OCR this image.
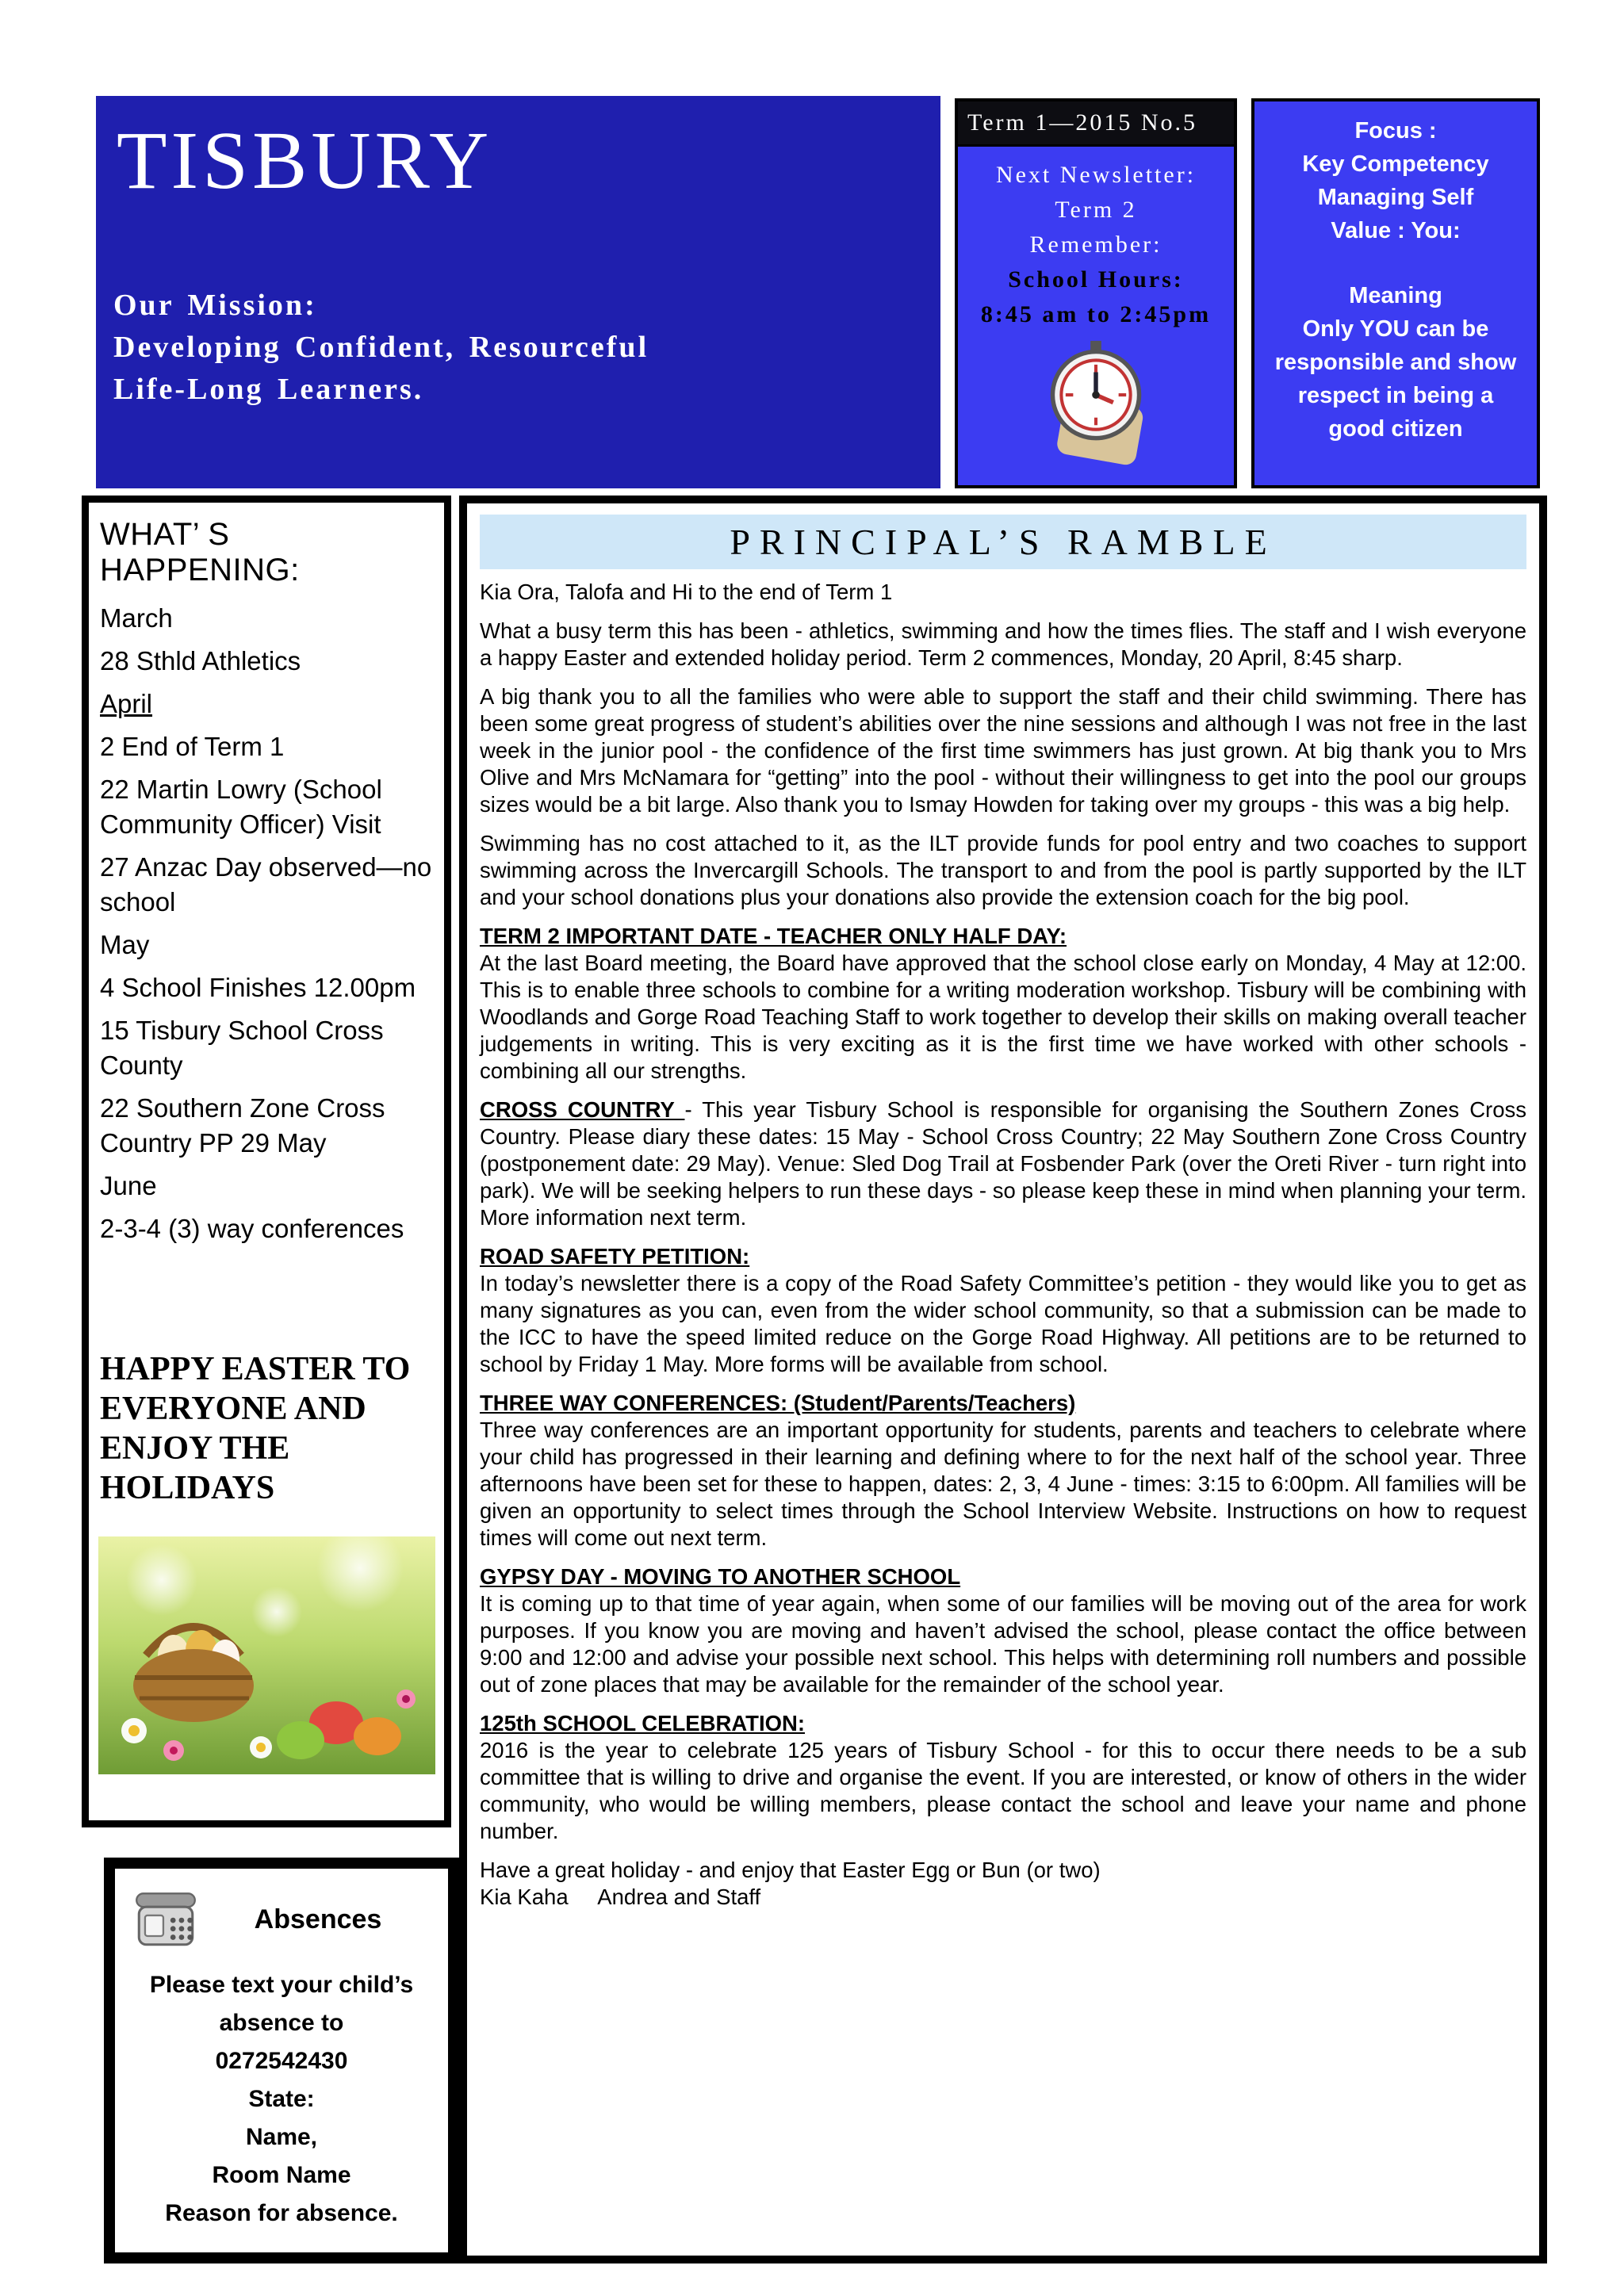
TISBURY
Our Mission:
Developing Confident, Resourceful
Life-Long Learners.
Term 1—2015 No.5
Next Newsletter:
Term 2
Remember:
School Hours:
8:45 am to 2:45pm
Focus :
Key Competency
Managing Self
Value : You:
Meaning
Only YOU can be responsible and show respect in being a good citizen
WHAT’ S HAPPENING:
March
28 Sthld Athletics
April
2 End of Term 1
22 Martin Lowry (School Community Officer) Visit
27 Anzac Day observed—no school
May
4 School Finishes 12.00pm
15 Tisbury School Cross County
22 Southern Zone Cross Country PP 29 May
June
2-3-4 (3) way conferences
HAPPY EASTER TO EVERYONE AND ENJOY THE HOLIDAYS
Absences
Please text your child’s absence to
0272542430
State:
Name,
Room Name
Reason for absence.
PRINCIPAL’S RAMBLE

Kia Ora, Talofa and Hi to the end of Term 1

What a busy term this has been - athletics, swimming and how the times flies. The staff and I wish everyone a happy Easter and extended holiday period. Term 2 commences, Monday, 20 April, 8:45 sharp.

A big thank you to all the families who were able to support the staff and their child swimming. There has been some great progress of student’s abilities over the nine sessions and although I was not free in the last week in the junior pool - the confidence of the first time swimmers has just grown. At big thank you to Mrs Olive and Mrs McNamara for “getting” into the pool - without their willingness to get into the pool our groups sizes would be a bit large. Also thank you to Ismay Howden for taking over my groups - this was a big help.

Swimming has no cost attached to it, as the ILT provide funds for pool entry and two coaches to support swimming across the Invercargill Schools. The transport to and from the pool is partly supported by the ILT and your school donations plus your donations also provide the extension coach for the big pool.

TERM 2 IMPORTANT DATE - TEACHER ONLY HALF DAY:

At the last Board meeting, the Board have approved that the school close early on Monday, 4 May at 12:00. This is to enable three schools to combine for a writing moderation workshop. Tisbury will be combining with Woodlands and Gorge Road Teaching Staff to work together to develop their skills on making overall teacher judgements in writing. This is very exciting as it is the first time we have worked with other schools - combining all our strengths.

CROSS COUNTRY - This year Tisbury School is responsible for organising the Southern Zones Cross Country. Please diary these dates: 15 May - School Cross Country; 22 May Southern Zone Cross Country (postponement date: 29 May). Venue: Sled Dog Trail at Fosbender Park (over the Oreti River - turn right into park). We will be seeking helpers to run these days - so please keep these in mind when planning your term. More information next term.

ROAD SAFETY PETITION:

In today’s newsletter there is a copy of the Road Safety Committee’s petition - they would like you to get as many signatures as you can, even from the wider school community, so that a submission can be made to the ICC to have the speed limited reduce on the Gorge Road Highway. All petitions are to be returned to school by Friday 1 May. More forms will be available from school.

THREE WAY CONFERENCES: (Student/Parents/Teachers)

Three way conferences are an important opportunity for students, parents and teachers to celebrate where your child has progressed in their learning and defining where to for the next half of the school year. Three afternoons have been set for these to happen, dates: 2, 3, 4 June - times: 3:15 to 6:00pm. All families will be given an opportunity to select times through the School Interview Website. Instructions on how to request times will come out next term.

GYPSY DAY - MOVING TO ANOTHER SCHOOL

It is coming up to that time of year again, when some of our families will be moving out of the area for work purposes. If you know you are moving and haven’t advised the school, please contact the office between 9:00 and 12:00 and advise your possible next school. This helps with determining roll numbers and possible out of zone places that may be available for the remainder of the school year.

125th SCHOOL CELEBRATION:

2016 is the year to celebrate 125 years of Tisbury School - for this to occur there needs to be a sub committee that is willing to drive and organise the event. If you are interested, or know of others in the wider community, who would be willing members, please contact the school and leave your name and phone number.

Have a great holiday - and enjoy that Easter Egg or Bun (or two)

Kia Kaha     Andrea and Staff
